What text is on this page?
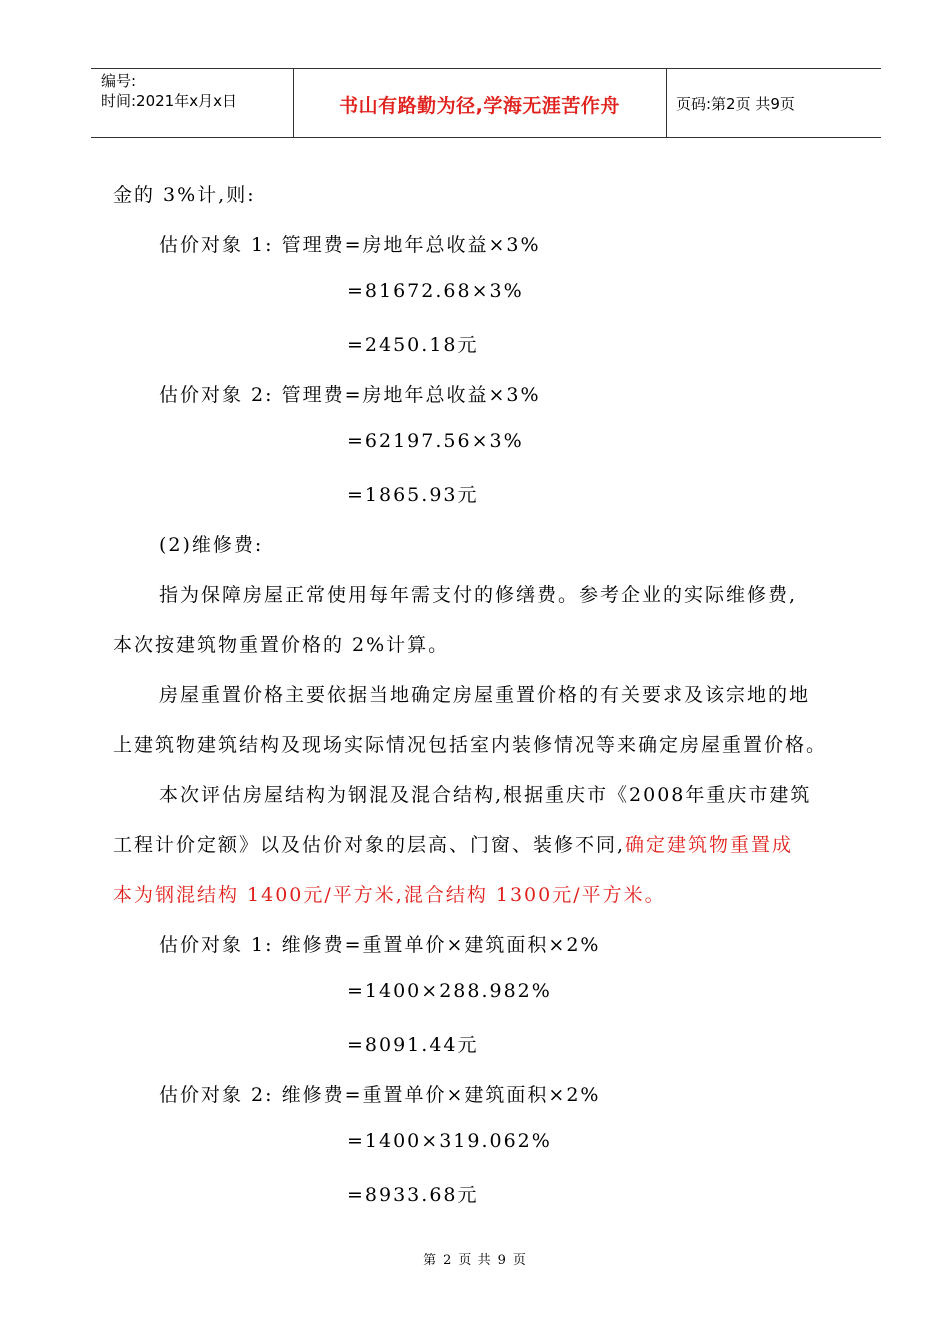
编号:
时间:2021年x月x日	书山有路勤为径,学海无涯苦作舟	页码:第2页 共9页
金的 3%计,则:
估价对象 1: 管理费=房地年总收益×3%
=81672.68×3%
=2450.18元
估价对象 2: 管理费=房地年总收益×3%
=62197.56×3%
=1865.93元
(2)维修费:
指为保障房屋正常使用每年需支付的修缮费。参考企业的实际维修费,
本次按建筑物重置价格的 2%计算。
房屋重置价格主要依据当地确定房屋重置价格的有关要求及该宗地的地
上建筑物建筑结构及现场实际情况包括室内装修情况等来确定房屋重置价格。
本次评估房屋结构为钢混及混合结构,根据重庆市《2008年重庆市建筑
工程计价定额》以及估价对象的层高、门窗、装修不同,确定建筑物重置成
本为钢混结构 1400元/平方米,混合结构 1300元/平方米。
估价对象 1: 维修费=重置单价×建筑面积×2%
=1400×288.982%
=8091.44元
估价对象 2: 维修费=重置单价×建筑面积×2%
=1400×319.062%
=8933.68元
第 2 页 共 9 页
